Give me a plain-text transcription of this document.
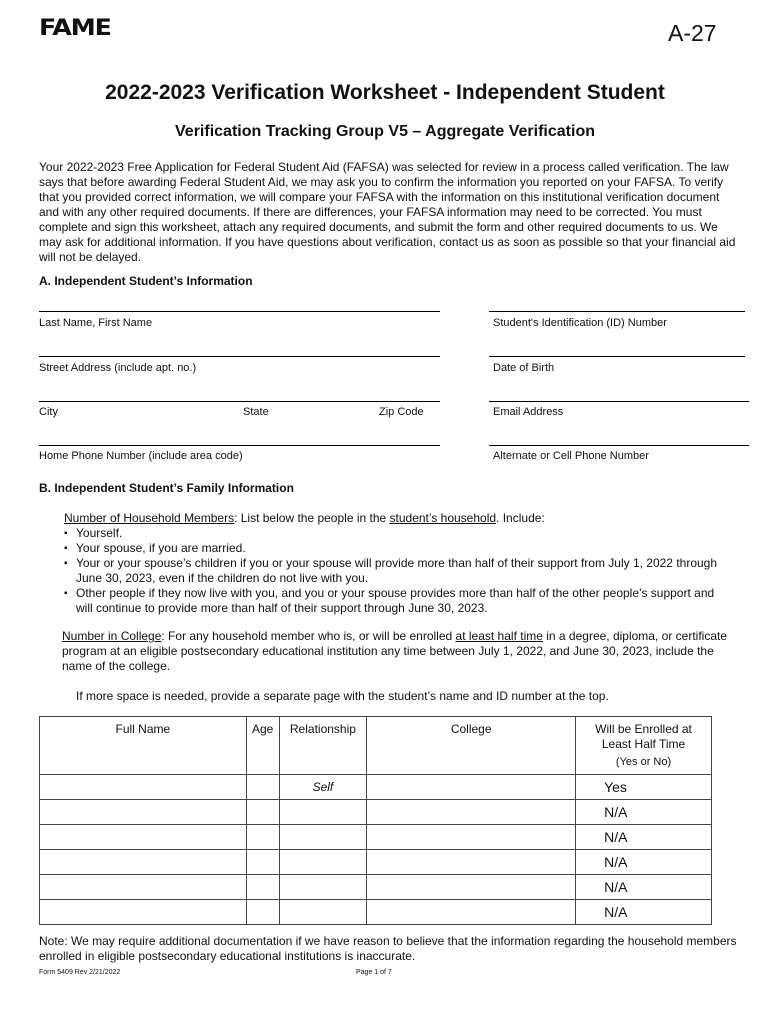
FAME	A-27
2022-2023 Verification Worksheet - Independent Student
Verification Tracking Group V5 – Aggregate Verification
Your 2022-2023 Free Application for Federal Student Aid (FAFSA) was selected for review in a process called verification. The law says that before awarding Federal Student Aid, we may ask you to confirm the information you reported on your FAFSA. To verify that you provided correct information, we will compare your FAFSA with the information on this institutional verification document and with any other required documents. If there are differences, your FAFSA information may need to be corrected. You must complete and sign this worksheet, attach any required documents, and submit the form and other required documents to us. We may ask for additional information. If you have questions about verification, contact us as soon as possible so that your financial aid will not be delayed.
A. Independent Student’s Information
Last Name, First Name	Student's Identification (ID) Number
Street Address (include apt. no.)	Date of Birth
City	State	Zip Code	Email Address
Home Phone Number (include area code)	Alternate or Cell Phone Number
B. Independent Student’s Family Information
Number of Household Members: List below the people in the student’s household. Include:
▪ Yourself.
▪ Your spouse, if you are married.
▪ Your or your spouse’s children if you or your spouse will provide more than half of their support from July 1, 2022 through June 30, 2023, even if the children do not live with you.
▪ Other people if they now live with you, and you or your spouse provides more than half of the other people’s support and will continue to provide more than half of their support through June 30, 2023.
Number in College: For any household member who is, or will be enrolled at least half time in a degree, diploma, or certificate program at an eligible postsecondary educational institution any time between July 1, 2022, and June 30, 2023, include the name of the college.
If more space is needed, provide a separate page with the student’s name and ID number at the top.
Full Name	Age	Relationship	College	Will be Enrolled at
Least Half Time
(Yes or No)

		Self		Yes
				N/A
				N/A
				N/A
				N/A
				N/A
Note: We may require additional documentation if we have reason to believe that the information regarding the household members enrolled in eligible postsecondary educational institutions is inaccurate.
Form 5409 Rev 2/21/2022	Page 1 of 7
